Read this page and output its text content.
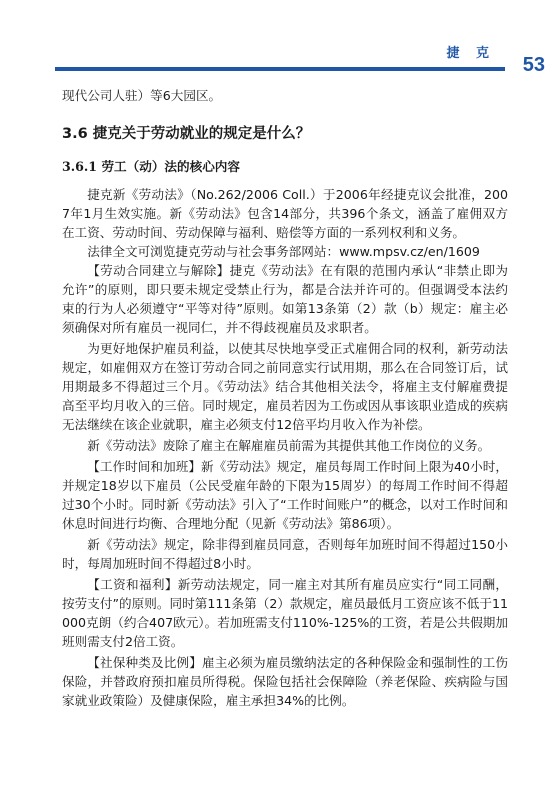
捷 克
53

现代公司人驻）等6大园区。

3.6 捷克关于劳动就业的规定是什么？
3.6.1 劳工（动）法的核心内容

捷克新《劳动法》（No.262/2006 Coll.）于2006年经捷克议会批准，2007年1月生效实施。新《劳动法》包含14部分，共396个条文，涵盖了雇佣双方在工资、劳动时间、劳动保障与福利、赔偿等方面的一系列权利和义务。

法律全文可浏览捷克劳动与社会事务部网站：www.mpsv.cz/en/1609

【劳动合同建立与解除】捷克《劳动法》在有限的范围内承认“非禁止即为允许”的原则，即只要未规定受禁止行为，都是合法并许可的。但强调受本法约束的行为人必须遵守“平等对待”原则。如第13条第（2）款（b）规定：雇主必须确保对所有雇员一视同仁，并不得歧视雇员及求职者。

为更好地保护雇员利益，以使其尽快地享受正式雇佣合同的权利，新劳动法规定，如雇佣双方在签订劳动合同之前同意实行试用期，那么在合同签订后，试用期最多不得超过三个月。《劳动法》结合其他相关法令，将雇主支付解雇费提高至平均月收入的三倍。同时规定，雇员若因为工伤或因从事该职业造成的疾病无法继续在该企业就职，雇主必须支付12倍平均月收入作为补偿。

新《劳动法》废除了雇主在解雇雇员前需为其提供其他工作岗位的义务。

【工作时间和加班】新《劳动法》规定，雇员每周工作时间上限为40小时，并规定18岁以下雇员（公民受雇年龄的下限为15周岁）的每周工作时间不得超过30个小时。同时新《劳动法》引入了“工作时间账户”的概念，以对工作时间和休息时间进行均衡、合理地分配（见新《劳动法》第86项）。

新《劳动法》规定，除非得到雇员同意，否则每年加班时间不得超过150小时，每周加班时间不得超过8小时。

【工资和福利】新劳动法规定，同一雇主对其所有雇员应实行“同工同酬，按劳支付”的原则。同时第111条第（2）款规定，雇员最低月工资应该不低于11000克朗（约合407欧元）。若加班需支付110%-125%的工资，若是公共假期加班则需支付2倍工资。

【社保种类及比例】雇主必须为雇员缴纳法定的各种保险金和强制性的工伤保险，并替政府预扣雇员所得税。保险包括社会保障险（养老保险、疾病险与国家就业政策险）及健康保险，雇主承担34%的比例。
